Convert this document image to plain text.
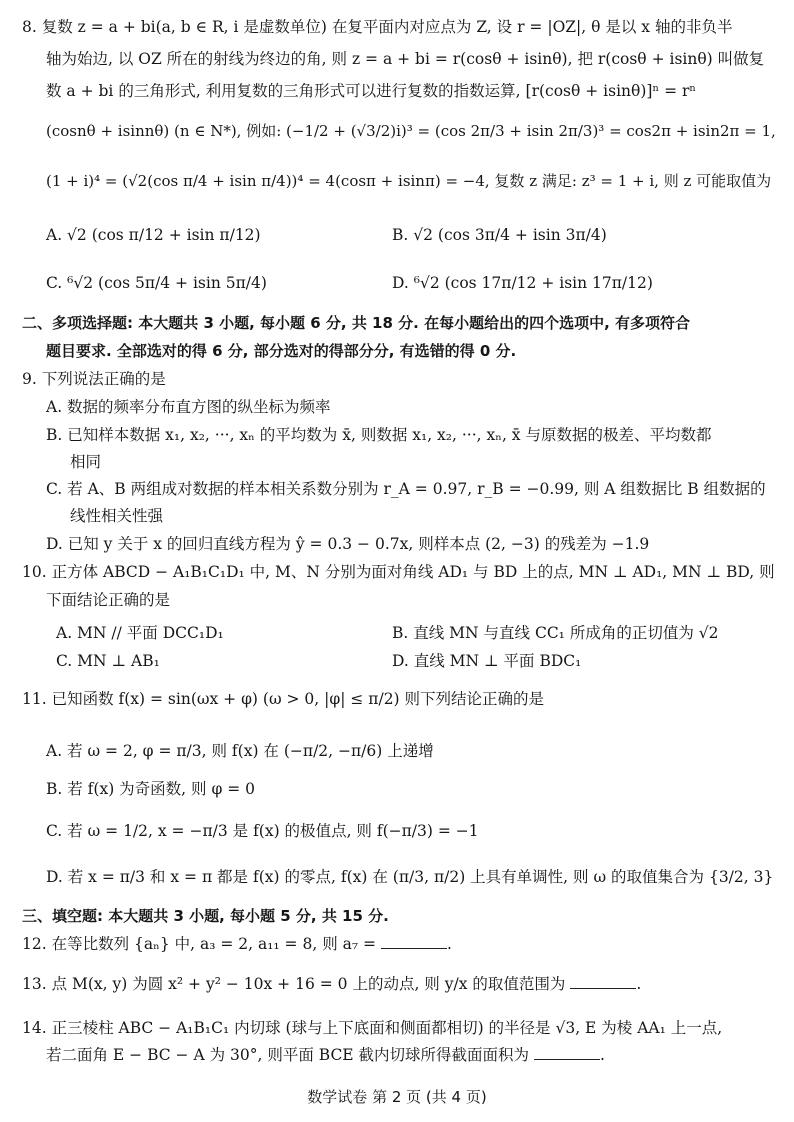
8. 复数 z = a + bi(a, b ∈ R, i 是虚数单位) 在复平面内对应点为 Z, 设 r = |OZ|, θ 是以 x 轴的非负半
轴为始边, 以 OZ 所在的射线为终边的角, 则 z = a + bi = r(cosθ + isinθ), 把 r(cosθ + isinθ) 叫做复
数 a + bi 的三角形式, 利用复数的三角形式可以进行复数的指数运算, [r(cosθ + isinθ)]ⁿ = rⁿ
(cosnθ + isinnθ) (n ∈ N*), 例如: (−1/2 + (√3/2)i)³ = (cos 2π/3 + isin 2π/3)³ = cos2π + isin2π = 1,
(1 + i)⁴ = (√2(cos π/4 + isin π/4))⁴ = 4(cosπ + isinπ) = −4, 复数 z 满足: z³ = 1 + i, 则 z 可能取值为
A. √2 (cos π/12 + isin π/12)	B. √2 (cos 3π/4 + isin 3π/4)
C. ⁶√2 (cos 5π/4 + isin 5π/4)	D. ⁶√2 (cos 17π/12 + isin 17π/12)
二、多项选择题: 本大题共 3 小题, 每小题 6 分, 共 18 分. 在每小题给出的四个选项中, 有多项符合
题目要求. 全部选对的得 6 分, 部分选对的得部分分, 有选错的得 0 分.
9. 下列说法正确的是
A. 数据的频率分布直方图的纵坐标为频率
B. 已知样本数据 x₁, x₂, ···, xₙ 的平均数为 x̄, 则数据 x₁, x₂, ···, xₙ, x̄ 与原数据的极差、平均数都
相同
C. 若 A、B 两组成对数据的样本相关系数分别为 r_A = 0.97, r_B = −0.99, 则 A 组数据比 B 组数据的
线性相关性强
D. 已知 y 关于 x 的回归直线方程为 ŷ = 0.3 − 0.7x, 则样本点 (2, −3) 的残差为 −1.9
10. 正方体 ABCD − A₁B₁C₁D₁ 中, M、N 分别为面对角线 AD₁ 与 BD 上的点, MN ⊥ AD₁, MN ⊥ BD, 则
下面结论正确的是
A. MN // 平面 DCC₁D₁	B. 直线 MN 与直线 CC₁ 所成角的正切值为 √2
C. MN ⊥ AB₁	D. 直线 MN ⊥ 平面 BDC₁
11. 已知函数 f(x) = sin(ωx + φ) (ω > 0, |φ| ≤ π/2) 则下列结论正确的是
A. 若 ω = 2, φ = π/3, 则 f(x) 在 (−π/2, −π/6) 上递增
B. 若 f(x) 为奇函数, 则 φ = 0
C. 若 ω = 1/2, x = −π/3 是 f(x) 的极值点, 则 f(−π/3) = −1
D. 若 x = π/3 和 x = π 都是 f(x) 的零点, f(x) 在 (π/3, π/2) 上具有单调性, 则 ω 的取值集合为 {3/2, 3}
三、填空题: 本大题共 3 小题, 每小题 5 分, 共 15 分.
12. 在等比数列 {aₙ} 中, a₃ = 2, a₁₁ = 8, 则 a₇ =	.
13. 点 M(x, y) 为圆 x² + y² − 10x + 16 = 0 上的动点, 则 y/x 的取值范围为	.
14. 正三棱柱 ABC − A₁B₁C₁ 内切球 (球与上下底面和侧面都相切) 的半径是 √3, E 为棱 AA₁ 上一点,
若二面角 E − BC − A 为 30°, 则平面 BCE 截内切球所得截面面积为	.
数学试卷 第 2 页 (共 4 页)
